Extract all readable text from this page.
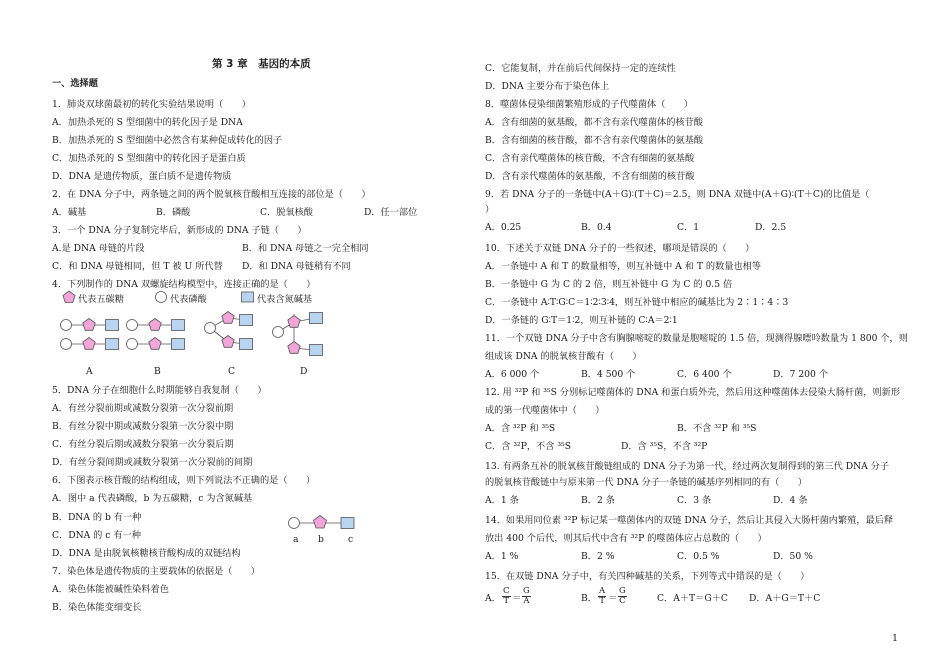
第 3 章　基因的本质
一、选择题
1．肺炎双球菌最初的转化实验结果说明（　　）
A．加热杀死的 S 型细菌中的转化因子是 DNA
B．加热杀死的 S 型细菌中必然含有某种促成转化的因子
C．加热杀死的 S 型细菌中的转化因子是蛋白质
D．DNA 是遗传物质，蛋白质不是遗传物质
2．在 DNA 分子中，两条链之间的两个脱氧核苷酸相互连接的部位是（　　）
3．一个 DNA 分子复制完毕后，新形成的 DNA 子链（　　）
4．下列制作的 DNA 双螺旋结构模型中，连接正确的是（　　）
5．DNA 分子在细胞什么时期能够自我复制（　　）
A．有丝分裂前期或减数分裂第一次分裂前期
B．有丝分裂中期或减数分裂第一次分裂中期
C．有丝分裂后期或减数分裂第一次分裂后期
D．有丝分裂间期或减数分裂第一次分裂前的间期
6．下图表示核苷酸的结构组成，则下列说法不正确的是（　　）
A．图中 a 代表磷酸，b 为五碳糖，c 为含氮碱基
B．DNA 的 b 有一种
C．DNA 的 c 有一种
D．DNA 是由脱氧核糖核苷酸构成的双链结构
7．染色体是遗传物质的主要载体的依据是（　　）
A．染色体能被碱性染料着色
B．染色体能变细变长
A．碱基	B．磷酸	C．脱氧核酸	D．任一部位
A.是 DNA 母链的片段	B．和 DNA 母链之一完全相同
C．和 DNA 母链相同，但 T 被 U 所代替 D．和 DNA 母链稍有不同
代表五碳糖	代表磷酸	代表含氮碱基
A	B	C	D
a b	c
C．它能复制，并在前后代间保持一定的连续性
D．DNA 主要分布于染色体上
8．噬菌体侵染细菌繁殖形成的子代噬菌体（　　）
A．含有细菌的氨基酸，都不含有亲代噬菌体的核苷酸
B．含有细菌的核苷酸，都不含有亲代噬菌体的氨基酸
C．含有亲代噬菌体的核苷酸，不含有细菌的氨基酸
D．含有亲代噬菌体的氨基酸，不含有细菌的核苷酸
9．若 DNA 分子的一条链中(A＋G)∶(T＋C)＝2.5，则 DNA 双链中(A＋G)∶(T＋C)的比值是（
）
10．下述关于双链 DNA 分子的一些叙述，哪项是错误的（　　）
A．一条链中 A 和 T 的数量相等，则互补链中 A 和 T 的数量也相等
B．一条链中 G 为 C 的 2 倍，则互补链中 G 为 C 的 0.5 倍
C．一条链中 A∶T∶G∶C＝1∶2∶3∶4，则互补链中相应的碱基比为 2∶1∶4∶3
D．一条链的 G∶T＝1∶2，则互补链的 C∶A＝2∶1
11．一个双链 DNA 分子中含有胸腺嘧啶的数量是胞嘧啶的 1.5 倍，现测得腺嘌呤数量为 1 800 个，则
组成该 DNA 的脱氧核苷酸有（　　）
12. 用 ³²P 和 ³⁵S 分别标记噬菌体的 DNA 和蛋白质外壳，然后用这种噬菌体去侵染大肠杆菌，则新形
成的第一代噬菌体中（　　）
13. 有两条互补的脱氧核苷酸链组成的 DNA 分子为第一代，经过两次复制得到的第三代 DNA 分子
的脱氧核苷酸链中与原来第一代 DNA 分子一条链的碱基序列相同的有（　　）
14．如果用同位素 ³²P 标记某一噬菌体内的双链 DNA 分子，然后让其侵入大肠杆菌内繁殖，最后释
放出 400 个后代，则其后代中含有 ³²P 的噬菌体应占总数的（　　）
15．在双链 DNA 分子中，有关四种碱基的关系，下列等式中错误的是（　　）
A．0.25	B．0.4	C．1	D．2.5
A．6 000 个	B．4 500 个	C．6 400 个	D．7 200 个
A．含 ³²P 和 ³⁵S	B．不含 ³²P 和 ³⁵S
C．含 ³²P，不含 ³⁵S	D．含 ³⁵S，不含 ³²P
A．1 条	B．2 条	C．3 条	D．4 条
A．1 %	B．2 %	C．0.5 %	D．50 %
A． $\frac{C}{T} = \frac{G}{A}$	B． $\frac{A}{T} = \frac{G}{C}$	C．A＋T＝G＋C D．A＋G＝T＋C
1
